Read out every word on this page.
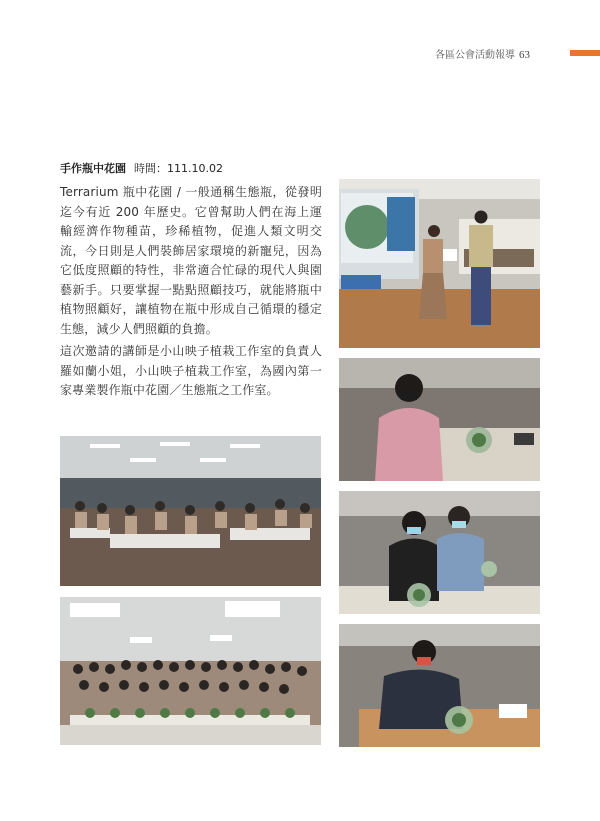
各區公會活動報導 63
手作瓶中花園 時間：111.10.02

Terrarium 瓶中花園 / 一般通稱生態瓶，從發明迄今有近 200 年歷史。它曾幫助人們在海上運輸經濟作物種苗，珍稀植物，促進人類文明交流，今日則是人們裝飾居家環境的新寵兒，因為它低度照顧的特性，非常適合忙碌的現代人與園藝新手。只要掌握一點點照顧技巧，就能將瓶中植物照顧好，讓植物在瓶中形成自己循環的穩定生態，減少人們照顧的負擔。

這次邀請的講師是小山映子植栽工作室的負責人羅如蘭小姐，小山映子植栽工作室，為國內第一家專業製作瓶中花園／生態瓶之工作室。
